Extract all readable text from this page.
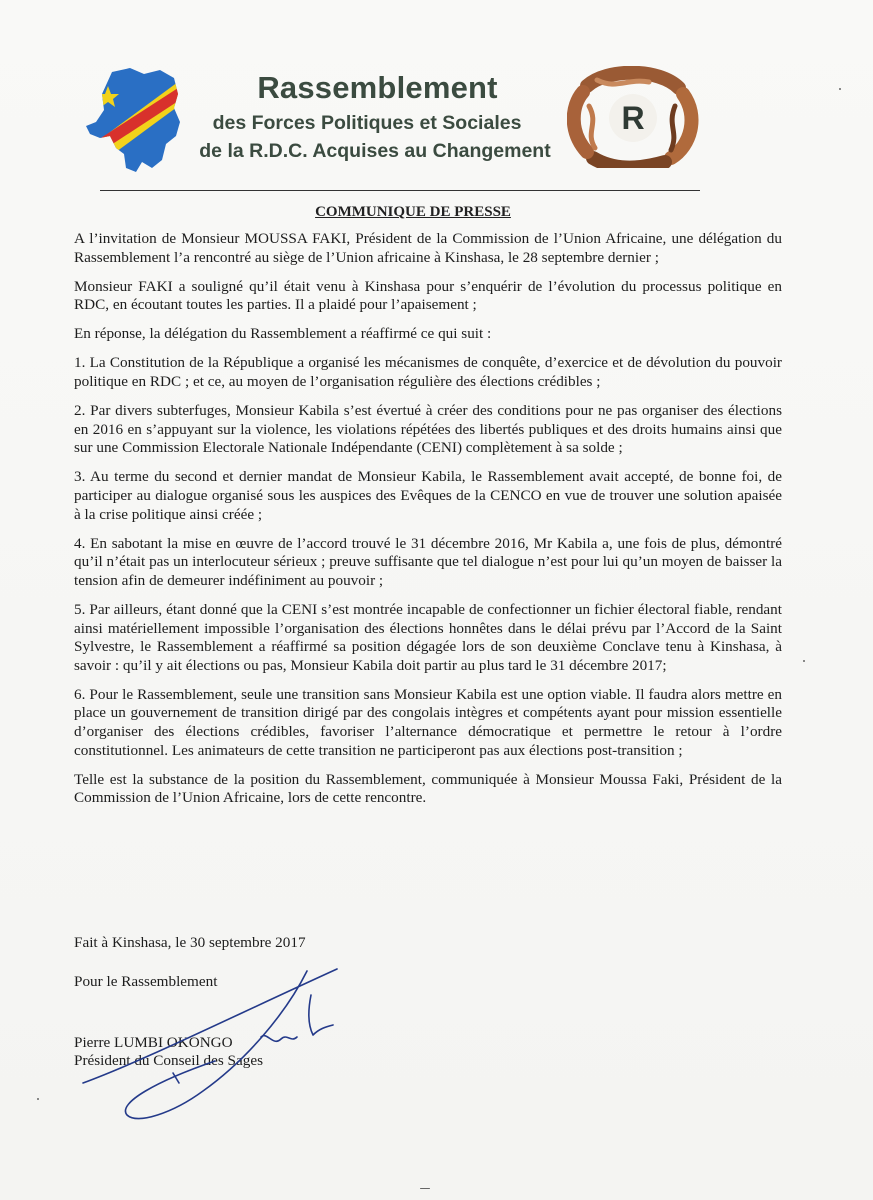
Rassemblement
des Forces Politiques et Sociales
de la R.D.C. Acquises au Changement
R
COMMUNIQUE DE PRESSE

A l’invitation de Monsieur MOUSSA FAKI, Président de la Commission de l’Union Africaine, une délégation du Rassemblement l’a rencontré au siège de l’Union africaine à Kinshasa, le 28 septembre dernier ;

Monsieur FAKI a souligné qu’il était venu à Kinshasa pour s’enquérir de l’évolution du processus politique en RDC, en écoutant toutes les parties. Il a plaidé pour l’apaisement ;

En réponse, la délégation du Rassemblement a réaffirmé ce qui suit :

1. La Constitution de la République a organisé les mécanismes de conquête, d’exercice et de dévolution du pouvoir politique en RDC ; et ce, au moyen de l’organisation régulière des élections crédibles ;

2. Par divers subterfuges, Monsieur Kabila s’est évertué à créer des conditions pour ne pas organiser des élections en 2016 en s’appuyant sur la violence, les violations répétées des libertés publiques et des droits humains ainsi que sur une Commission Electorale Nationale Indépendante (CENI) complètement à sa solde ;

3. Au terme du second et dernier mandat de Monsieur Kabila, le Rassemblement avait accepté, de bonne foi, de participer au dialogue organisé sous les auspices des Evêques de la CENCO en vue de trouver une solution apaisée à la crise politique ainsi créée ;

4. En sabotant la mise en œuvre de l’accord trouvé le 31 décembre 2016, Mr Kabila a, une fois de plus, démontré qu’il n’était pas un interlocuteur sérieux ; preuve suffisante que tel dialogue n’est pour lui qu’un moyen de baisser la tension afin de demeurer indéfiniment au pouvoir ;

5. Par ailleurs, étant donné que la CENI s’est montrée incapable de confectionner un fichier électoral fiable, rendant ainsi matériellement impossible l’organisation des élections honnêtes dans le délai prévu par l’Accord de la Saint Sylvestre, le Rassemblement a réaffirmé sa position dégagée lors de son deuxième Conclave tenu à Kinshasa, à savoir : qu’il y ait élections ou pas, Monsieur Kabila doit partir au plus tard le 31 décembre 2017;

6. Pour le Rassemblement, seule une transition sans Monsieur Kabila est une option viable. Il faudra alors mettre en place un gouvernement de transition dirigé par des congolais intègres et compétents ayant pour mission essentielle d’organiser des élections crédibles, favoriser l’alternance démocratique et permettre le retour à l’ordre constitutionnel. Les animateurs de cette transition ne participeront pas aux élections post-transition ;

Telle est la substance de la position du Rassemblement, communiquée à Monsieur Moussa Faki, Président de la Commission de l’Union Africaine, lors de cette rencontre.

Fait à Kinshasa, le 30 septembre 2017
Pour le Rassemblement
Pierre LUMBI OKONGO
Président du Conseil des Sages
